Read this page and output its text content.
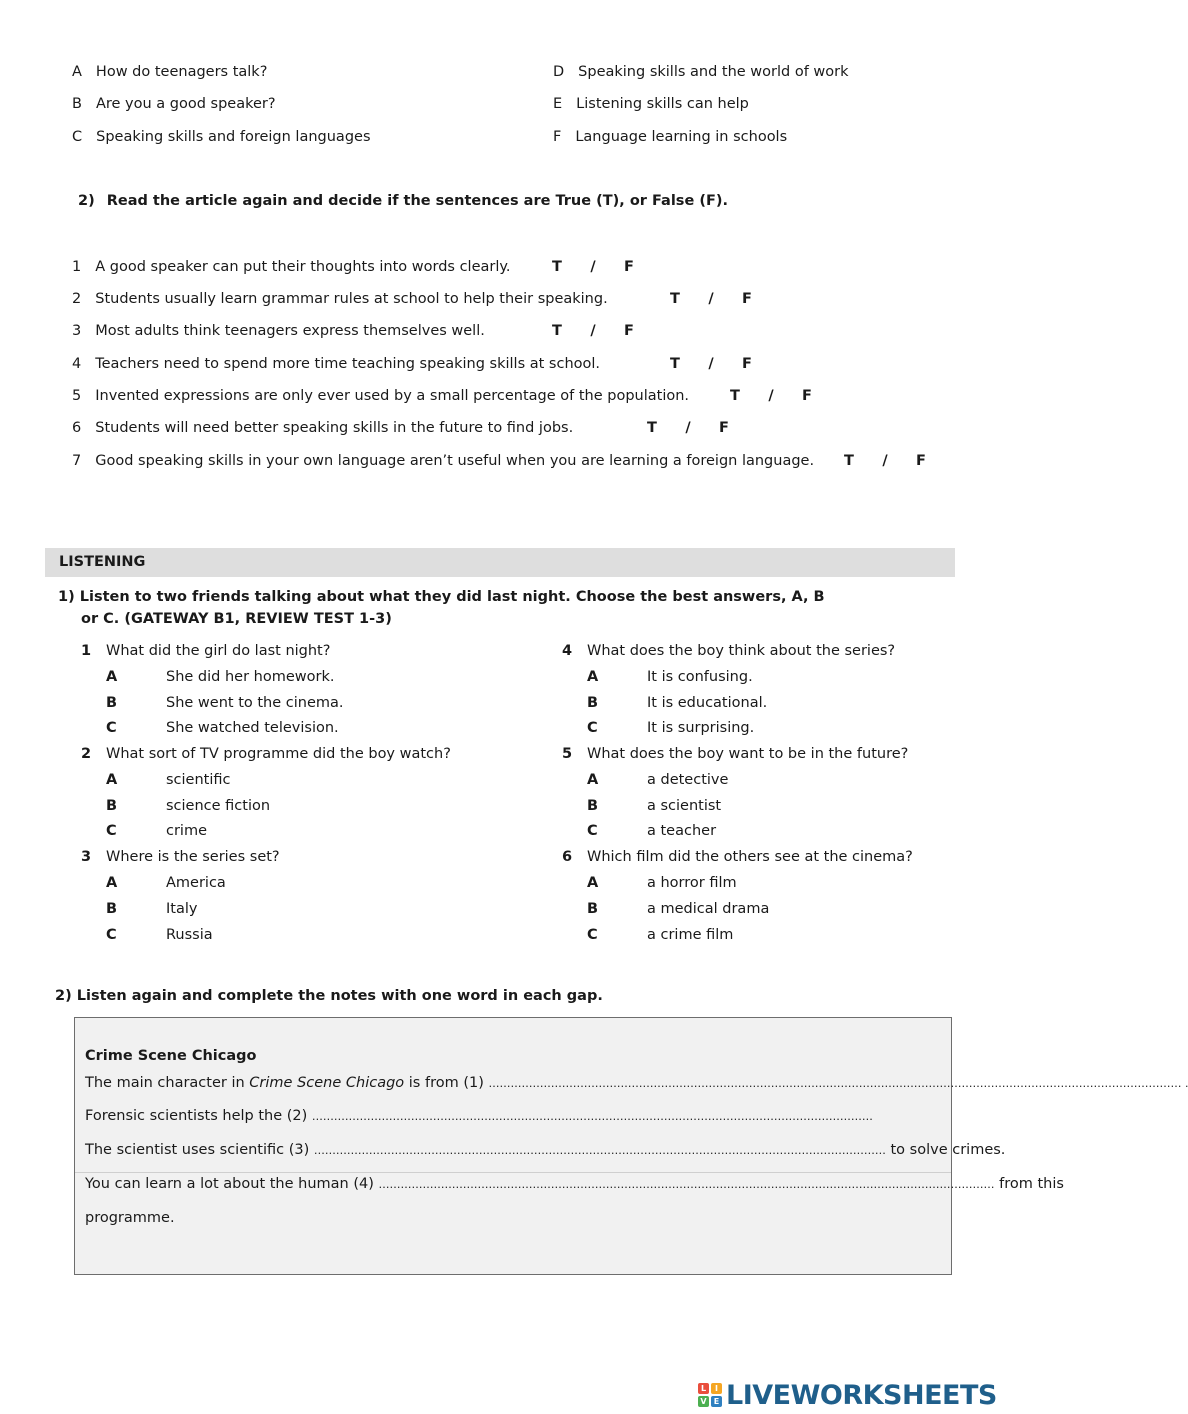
A How do teenagers talk?
B Are you a good speaker?
C Speaking skills and foreign languages
D Speaking skills and the world of work
E Listening skills can help
F Language learning in schools
2) Read the article again and decide if the sentences are True (T), or False (F).
1 A good speaker can put their thoughts into words clearly.	T / F
2 Students usually learn grammar rules at school to help their speaking.	T / F
3 Most adults think teenagers express themselves well.	T / F
4 Teachers need to spend more time teaching speaking skills at school.	T / F
5 Invented expressions are only ever used by a small percentage of the population.	T / F
6 Students will need better speaking skills in the future to find jobs.	T / F
7 Good speaking skills in your own language aren’t useful when you are learning a foreign language. T / F
LISTENING
1) Listen to two friends talking about what they did last night. Choose the best answers, A, B
or C. (GATEWAY B1, REVIEW TEST 1-3)
1 What did the girl do last night?
A	She did her homework.
B	She went to the cinema.
C	She watched television.
2 What sort of TV programme did the boy watch?
A	scientific
B	science fiction
C	crime
3 Where is the series set?
A	America
B	Italy
C	Russia
4 What does the boy think about the series?
A	It is confusing.
B	It is educational.
C	It is surprising.
5 What does the boy want to be in the future?
A	a detective
B	a scientist
C	a teacher
6 Which film did the others see at the cinema?
A	a horror film
B	a medical drama
C	a crime film
2) Listen again and complete the notes with one word in each gap.
Crime Scene Chicago
The main character in Crime Scene Chicago is from (1) ……………………………………………………………………………………………………………………………………………………………………… .
Forensic scientists help the (2) ………………………………………………………………………………………………………………………………………
The scientist uses scientific (3) ………………………………………………………………………………………………………………………………………… to solve crimes.
You can learn a lot about the human (4) …………………………………………………………………………………………………………………………………………………… from this
programme.
L	I
V E LIVEWORKSHEETS
